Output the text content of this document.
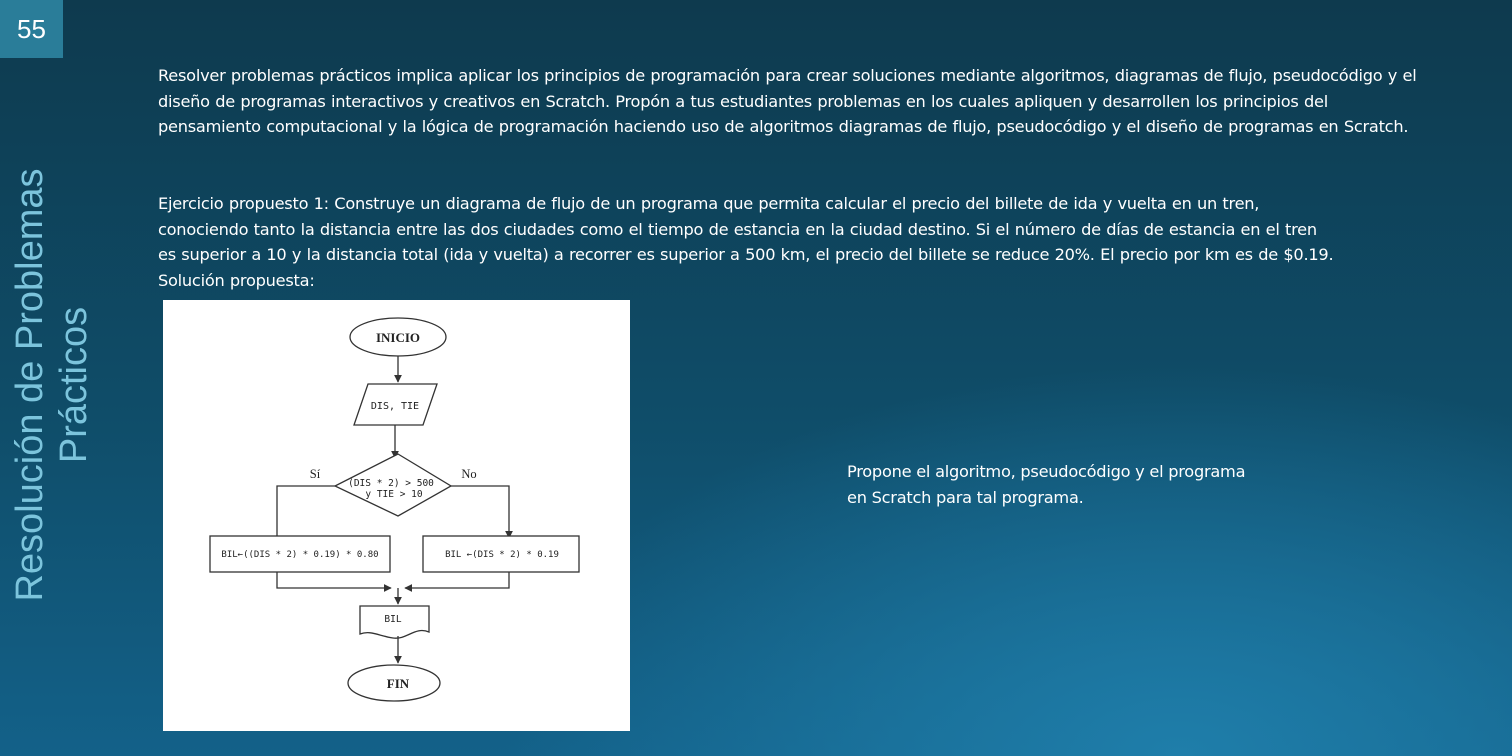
55
Resolución de Problemas Prácticos

Resolver problemas prácticos implica aplicar los principios de programación para crear soluciones mediante algoritmos, diagramas de flujo, pseudocódigo y el diseño de programas interactivos y creativos en Scratch. Propón a tus estudiantes problemas en los cuales apliquen y desarrollen los principios del pensamiento computacional y la lógica de programación haciendo uso de algoritmos diagramas de flujo, pseudocódigo y el diseño de programas en Scratch.

Ejercicio propuesto 1: Construye un diagrama de flujo de un programa que permita calcular el precio del billete de ida y vuelta en un tren,
conociendo tanto la distancia entre las dos ciudades como el tiempo de estancia en la ciudad destino. Si el número de días de estancia en el tren
es superior a 10 y la distancia total (ida y vuelta) a recorrer es superior a 500 km, el precio del billete se reduce 20%. El precio por km es de $0.19.
Solución propuesta:

INICIO
DIS, TIE
(DIS * 2) > 500
y TIE > 10
Sí	No
BIL←((DIS * 2) * 0.19) * 0.80	BIL ←(DIS * 2) * 0.19
BIL
FIN

Propone el algoritmo, pseudocódigo y el programa
en Scratch para tal programa.
